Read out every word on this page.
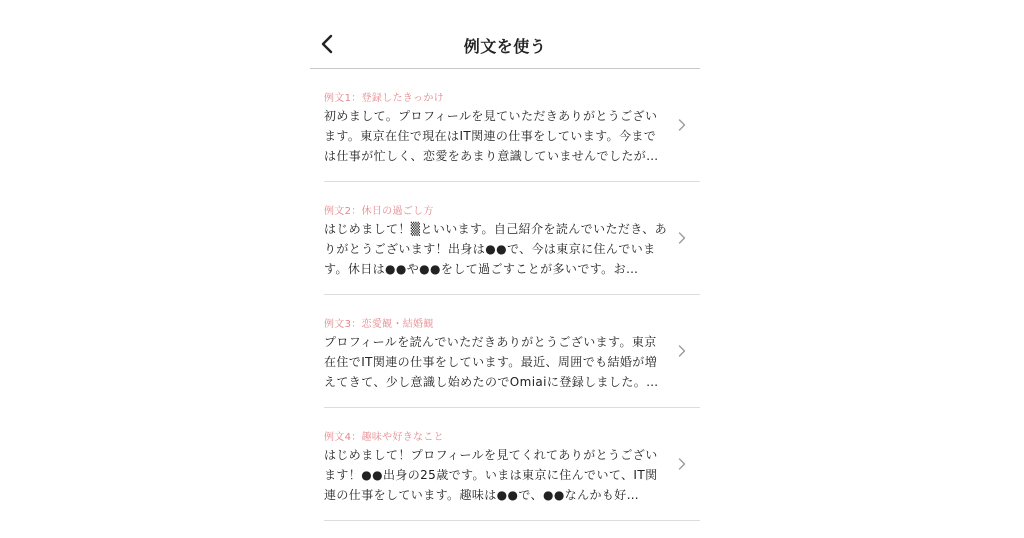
例文を使う
例文1：登録したきっかけ
初めまして。プロフィールを見ていただきありがとうございます。東京在住で現在はIT関連の仕事をしています。今までは仕事が忙しく、恋愛をあまり意識していませんでしたが…
例文2：休日の過ごし方
はじめまして！▒といいます。自己紹介を読んでいただき、ありがとうございます！出身は●●で、今は東京に住んでいます。休日は●●や●●をして過ごすことが多いです。お…
例文3：恋愛観・結婚観
プロフィールを読んでいただきありがとうございます。東京在住でIT関連の仕事をしています。最近、周囲でも結婚が増えてきて、少し意識し始めたのでOmiaiに登録しました。…
例文4：趣味や好きなこと
はじめまして！プロフィールを見てくれてありがとうございます！●●出身の25歳です。いまは東京に住んでいて、IT関連の仕事をしています。趣味は●●で、●●なんかも好…
